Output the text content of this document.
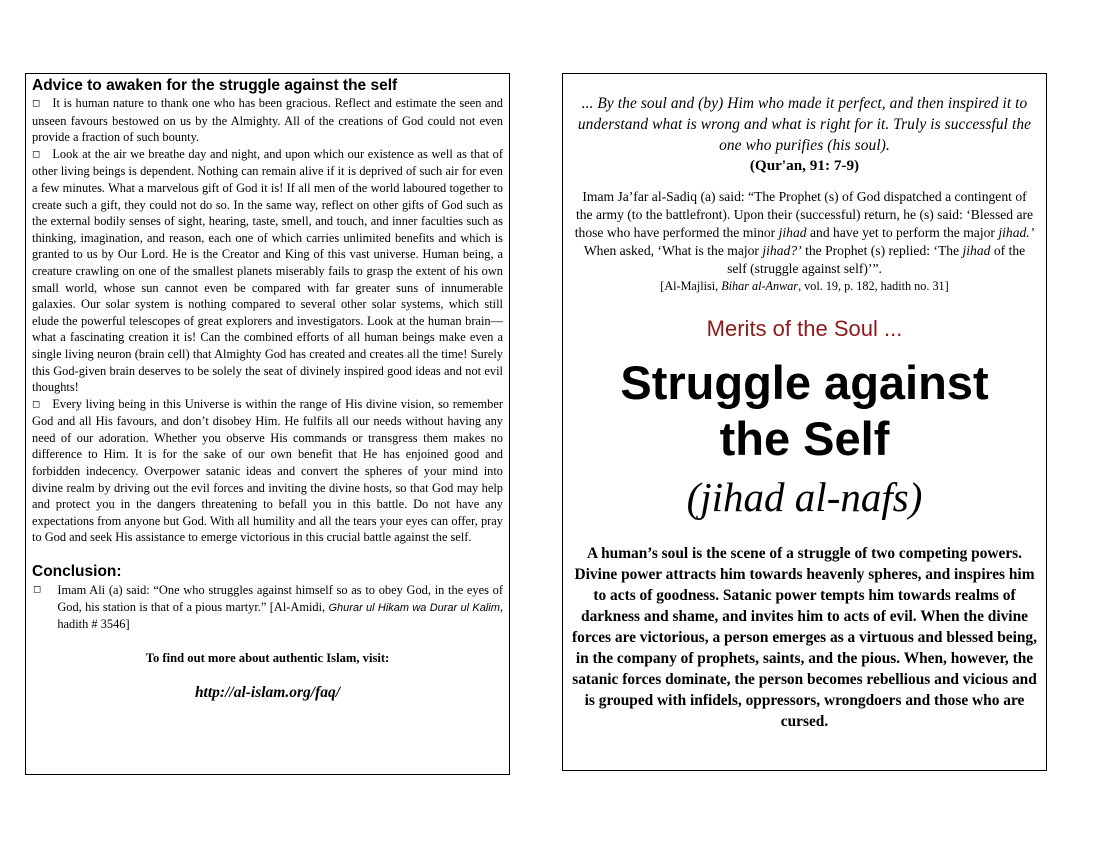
Advice to awaken for the struggle against the self

◻ It is human nature to thank one who has been gracious. Reflect and estimate the seen and unseen favours bestowed on us by the Almighty. All of the creations of God could not even provide a fraction of such bounty.

◻ Look at the air we breathe day and night, and upon which our existence as well as that of other living beings is dependent. Nothing can remain alive if it is deprived of such air for even a few minutes. What a marvelous gift of God it is! If all men of the world laboured together to create such a gift, they could not do so. In the same way, reflect on other gifts of God such as the external bodily senses of sight, hearing, taste, smell, and touch, and inner faculties such as thinking, imagination, and reason, each one of which carries unlimited benefits and which is granted to us by Our Lord. He is the Creator and King of this vast universe. Human being, a creature crawling on one of the smallest planets miserably fails to grasp the extent of his own small world, whose sun cannot even be compared with far greater suns of innumerable galaxies. Our solar system is nothing compared to several other solar systems, which still elude the powerful telescopes of great explorers and investigators. Look at the human brain—what a fascinating creation it is! Can the combined efforts of all human beings make even a single living neuron (brain cell) that Almighty God has created and creates all the time! Surely this God-given brain deserves to be solely the seat of divinely inspired good ideas and not evil thoughts!

◻ Every living being in this Universe is within the range of His divine vision, so remember God and all His favours, and don’t disobey Him. He fulfils all our needs without having any need of our adoration. Whether you observe His commands or transgress them makes no difference to Him. It is for the sake of our own benefit that He has enjoined good and forbidden indecency. Overpower satanic ideas and convert the spheres of your mind into divine realm by driving out the evil forces and inviting the divine hosts, so that God may help and protect you in the dangers threatening to befall you in this battle. Do not have any expectations from anyone but God. With all humility and all the tears your eyes can offer, pray to God and seek His assistance to emerge victorious in this crucial battle against the self.

Conclusion:
◻ Imam Ali (a) said: “One who struggles against himself so as to obey God, in the eyes of God, his station is that of a pious martyr.” [Al-Amidi, Ghurar ul Hikam wa Durar ul Kalim, hadith # 3546]
To find out more about authentic Islam, visit:
http://al-islam.org/faq/
... By the soul and (by) Him who made it perfect, and then inspired it to understand what is wrong and what is right for it. Truly is successful the one who purifies (his soul).
(Qur'an, 91: 7-9)
Imam Ja’far al-Sadiq (a) said: “The Prophet (s) of God dispatched a contingent of the army (to the battlefront). Upon their (successful) return, he (s) said: ‘Blessed are those who have performed the minor jihad and have yet to perform the major jihad.’ When asked, ‘What is the major jihad?’ the Prophet (s) replied: ‘The jihad of the self (struggle against self)’”.
[Al-Majlisi, Bihar al-Anwar, vol. 19, p. 182, hadith no. 31]
Merits of the Soul ...
Struggle against
the Self
(jihad al-nafs)
A human’s soul is the scene of a struggle of two competing powers. Divine power attracts him towards heavenly spheres, and inspires him to acts of goodness. Satanic power tempts him towards realms of darkness and shame, and invites him to acts of evil. When the divine forces are victorious, a person emerges as a virtuous and blessed being, in the company of prophets, saints, and the pious. When, however, the satanic forces dominate, the person becomes rebellious and vicious and is grouped with infidels, oppressors, wrongdoers and those who are cursed.
